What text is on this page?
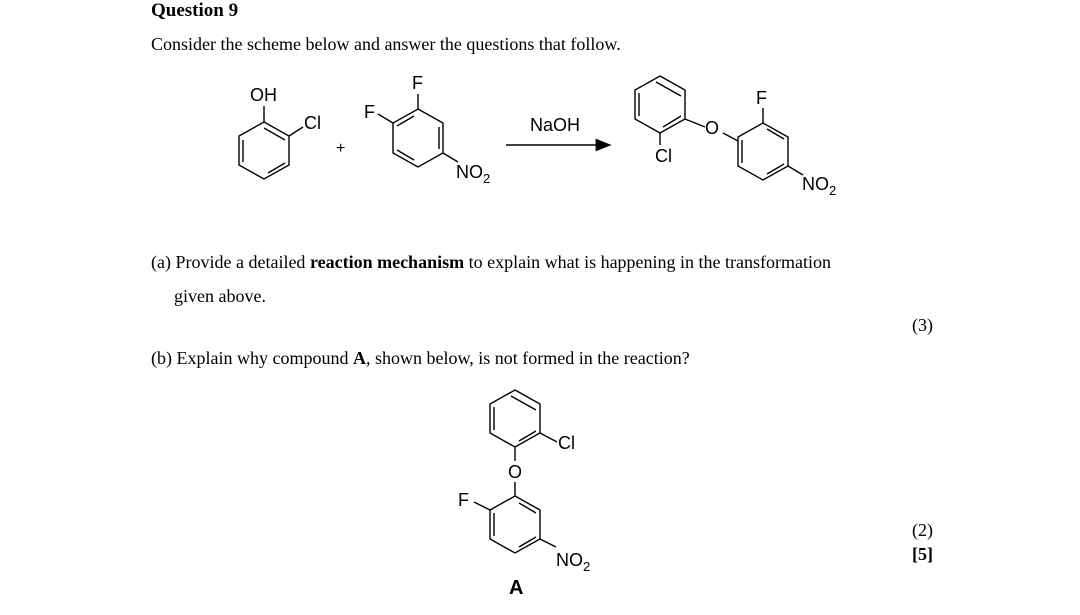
Question 9
Consider the scheme below and answer the questions that follow.
(a) Provide a detailed reaction mechanism to explain what is happening in the transformation
given above.
(3)
(b) Explain why compound A, shown below, is not formed in the reaction?
(2)
[5]
OH
Cl
+
F
F
$NO_2$
NaOH	O
Cl
F
$NO_2$
Cl
O
F
$NO_2$
A
